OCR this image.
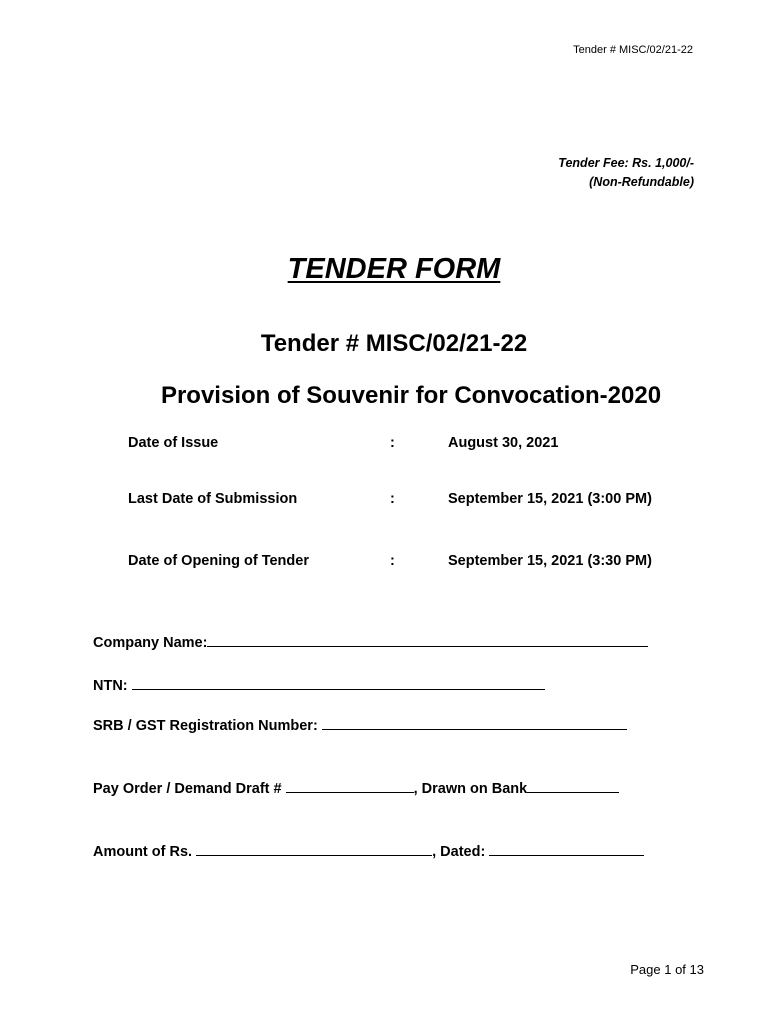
Tender # MISC/02/21-22
Tender Fee: Rs. 1,000/-
(Non-Refundable)
TENDER FORM
Tender # MISC/02/21-22
Provision of Souvenir for Convocation-2020
Date of Issue	:	August 30, 2021
Last Date of Submission	:	September 15, 2021 (3:00 PM)
Date of Opening of Tender	:	September 15, 2021 (3:30 PM)
Company Name:
NTN:
SRB / GST Registration Number:
Pay Order / Demand Draft #	, Drawn on Bank
Amount of Rs.	, Dated:
Page 1 of 13
